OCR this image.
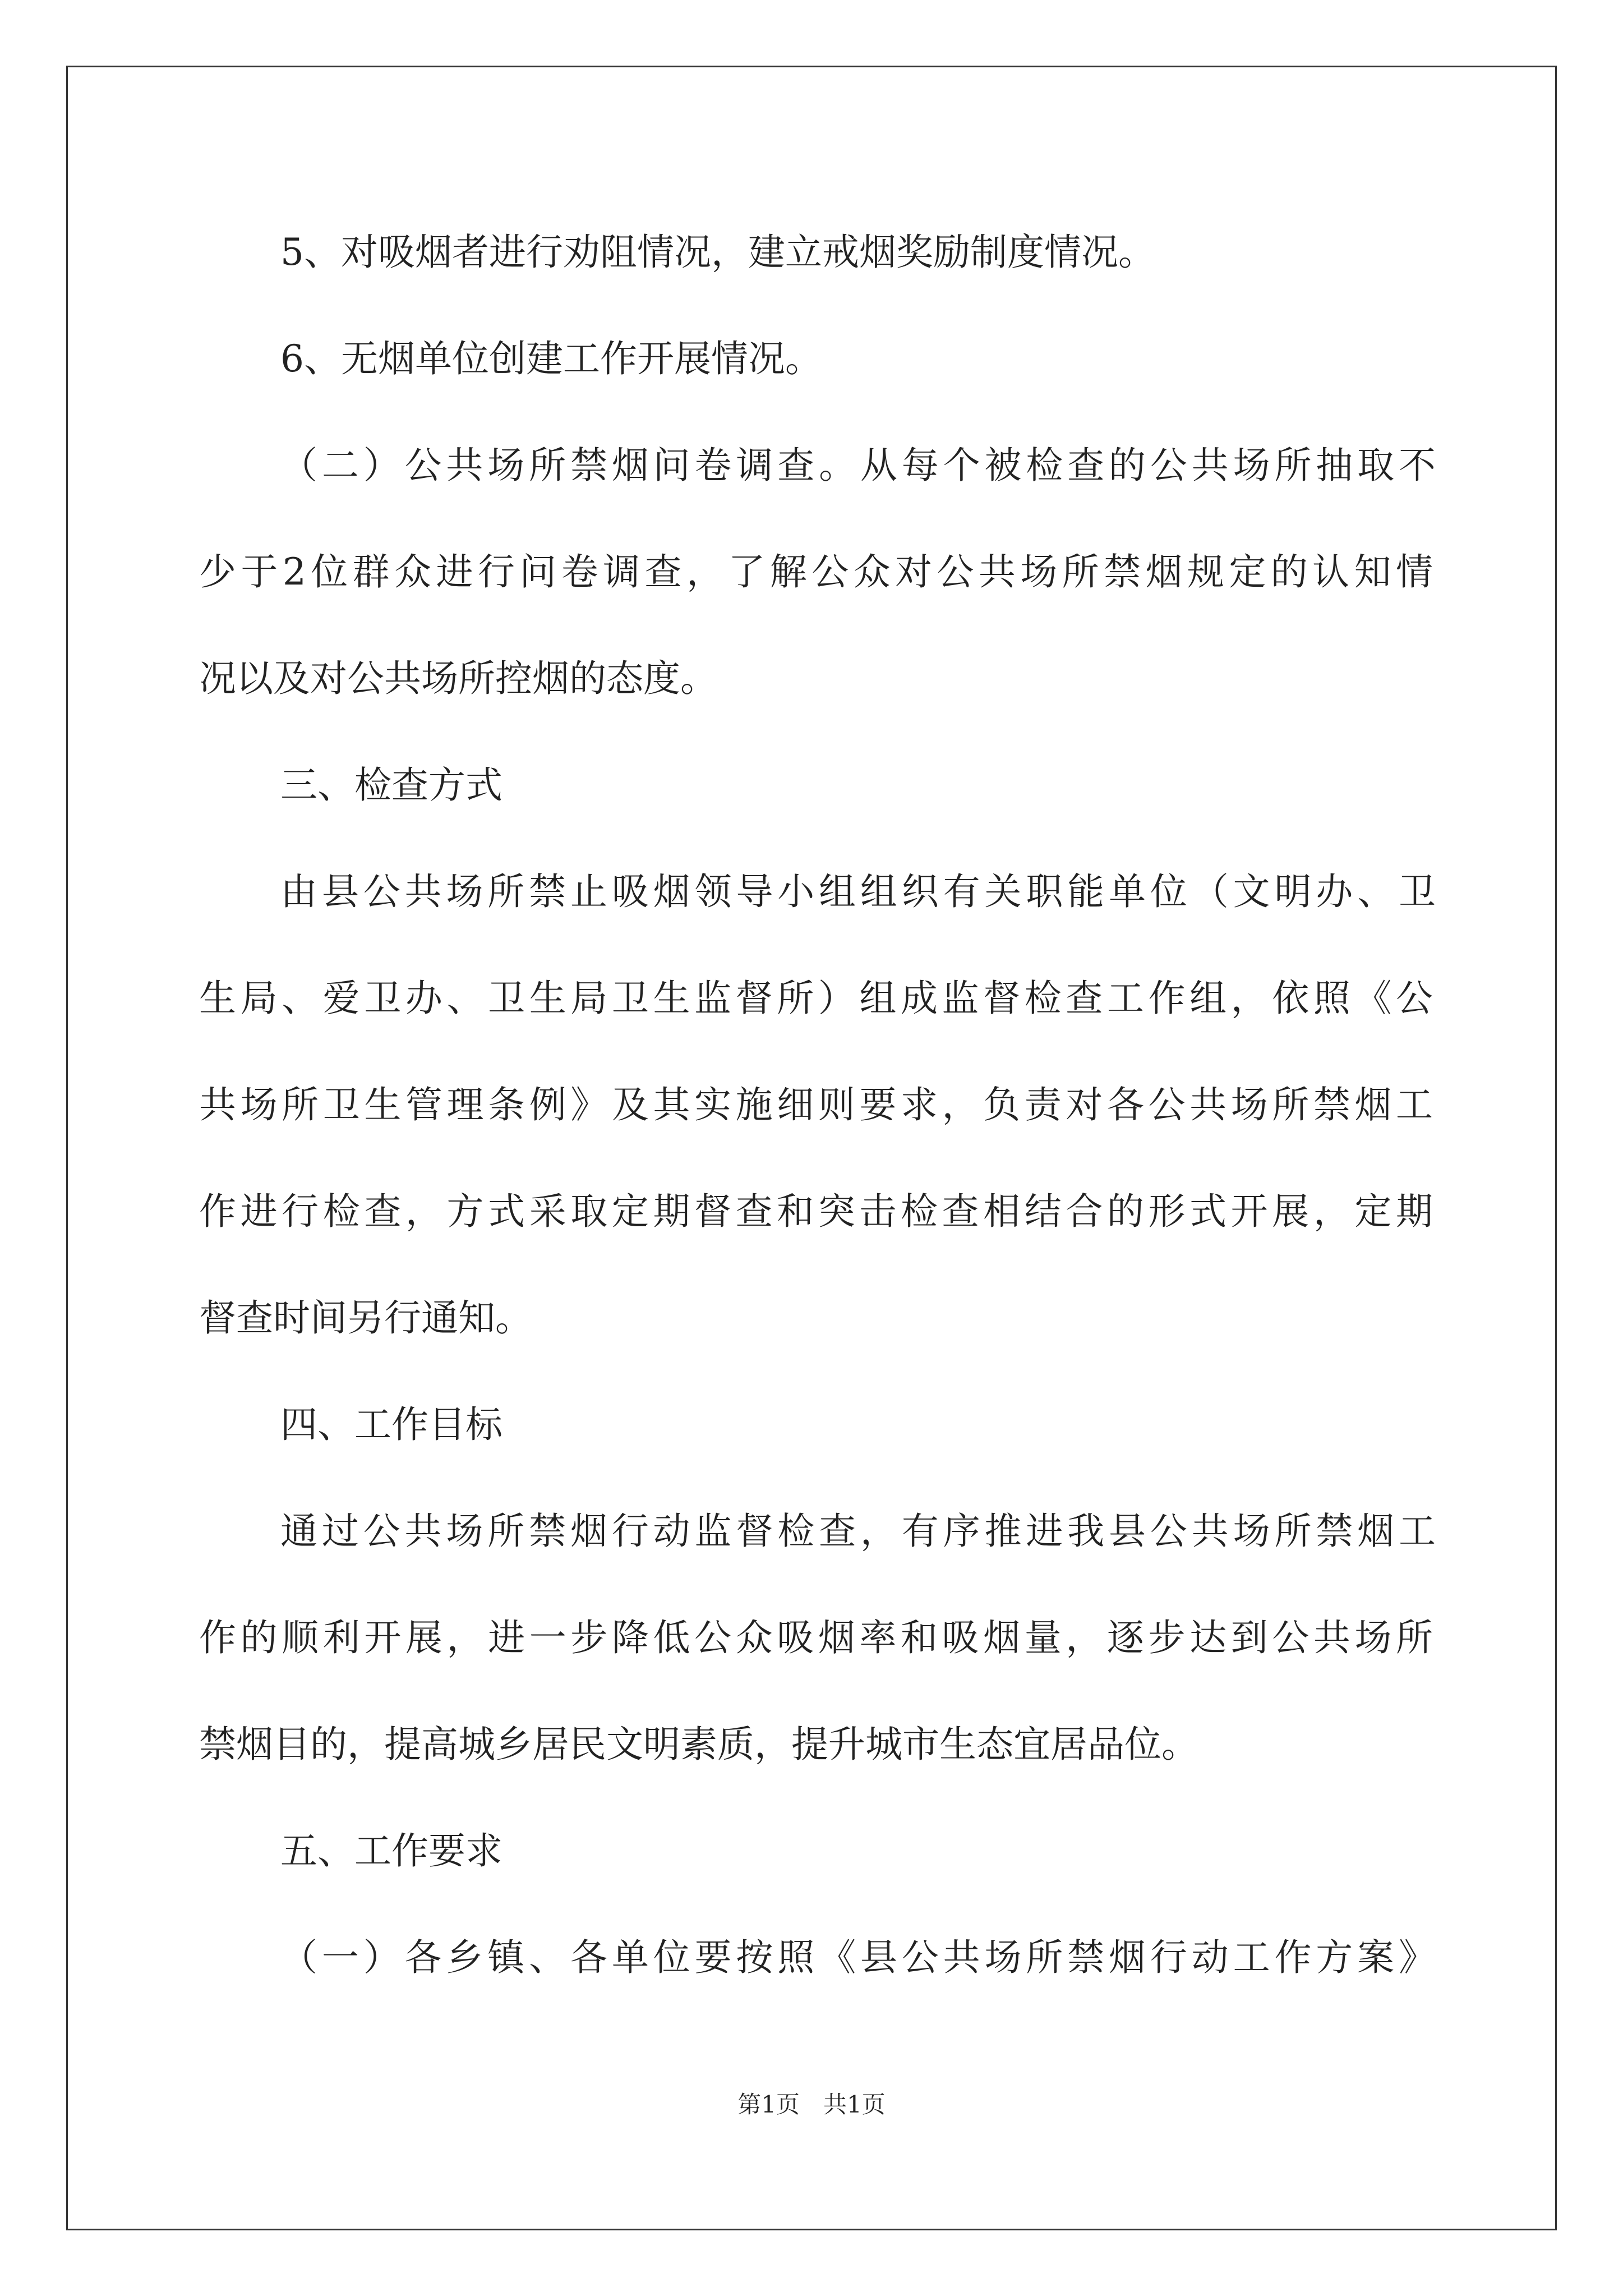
5、对吸烟者进行劝阻情况，建立戒烟奖励制度情况。
6、无烟单位创建工作开展情况。
（二）公共场所禁烟问卷调查。从每个被检查的公共场所抽取不
少于2位群众进行问卷调查，了解公众对公共场所禁烟规定的认知情
况以及对公共场所控烟的态度。
三、检查方式
由县公共场所禁止吸烟领导小组组织有关职能单位（文明办、卫
生局、爱卫办、卫生局卫生监督所）组成监督检查工作组，依照《公
共场所卫生管理条例》及其实施细则要求，负责对各公共场所禁烟工
作进行检查，方式采取定期督查和突击检查相结合的形式开展，定期
督查时间另行通知。
四、工作目标
通过公共场所禁烟行动监督检查，有序推进我县公共场所禁烟工
作的顺利开展，进一步降低公众吸烟率和吸烟量，逐步达到公共场所
禁烟目的，提高城乡居民文明素质，提升城市生态宜居品位。
五、工作要求
（一）各乡镇、各单位要按照《县公共场所禁烟行动工作方案》
第1页　共1页
